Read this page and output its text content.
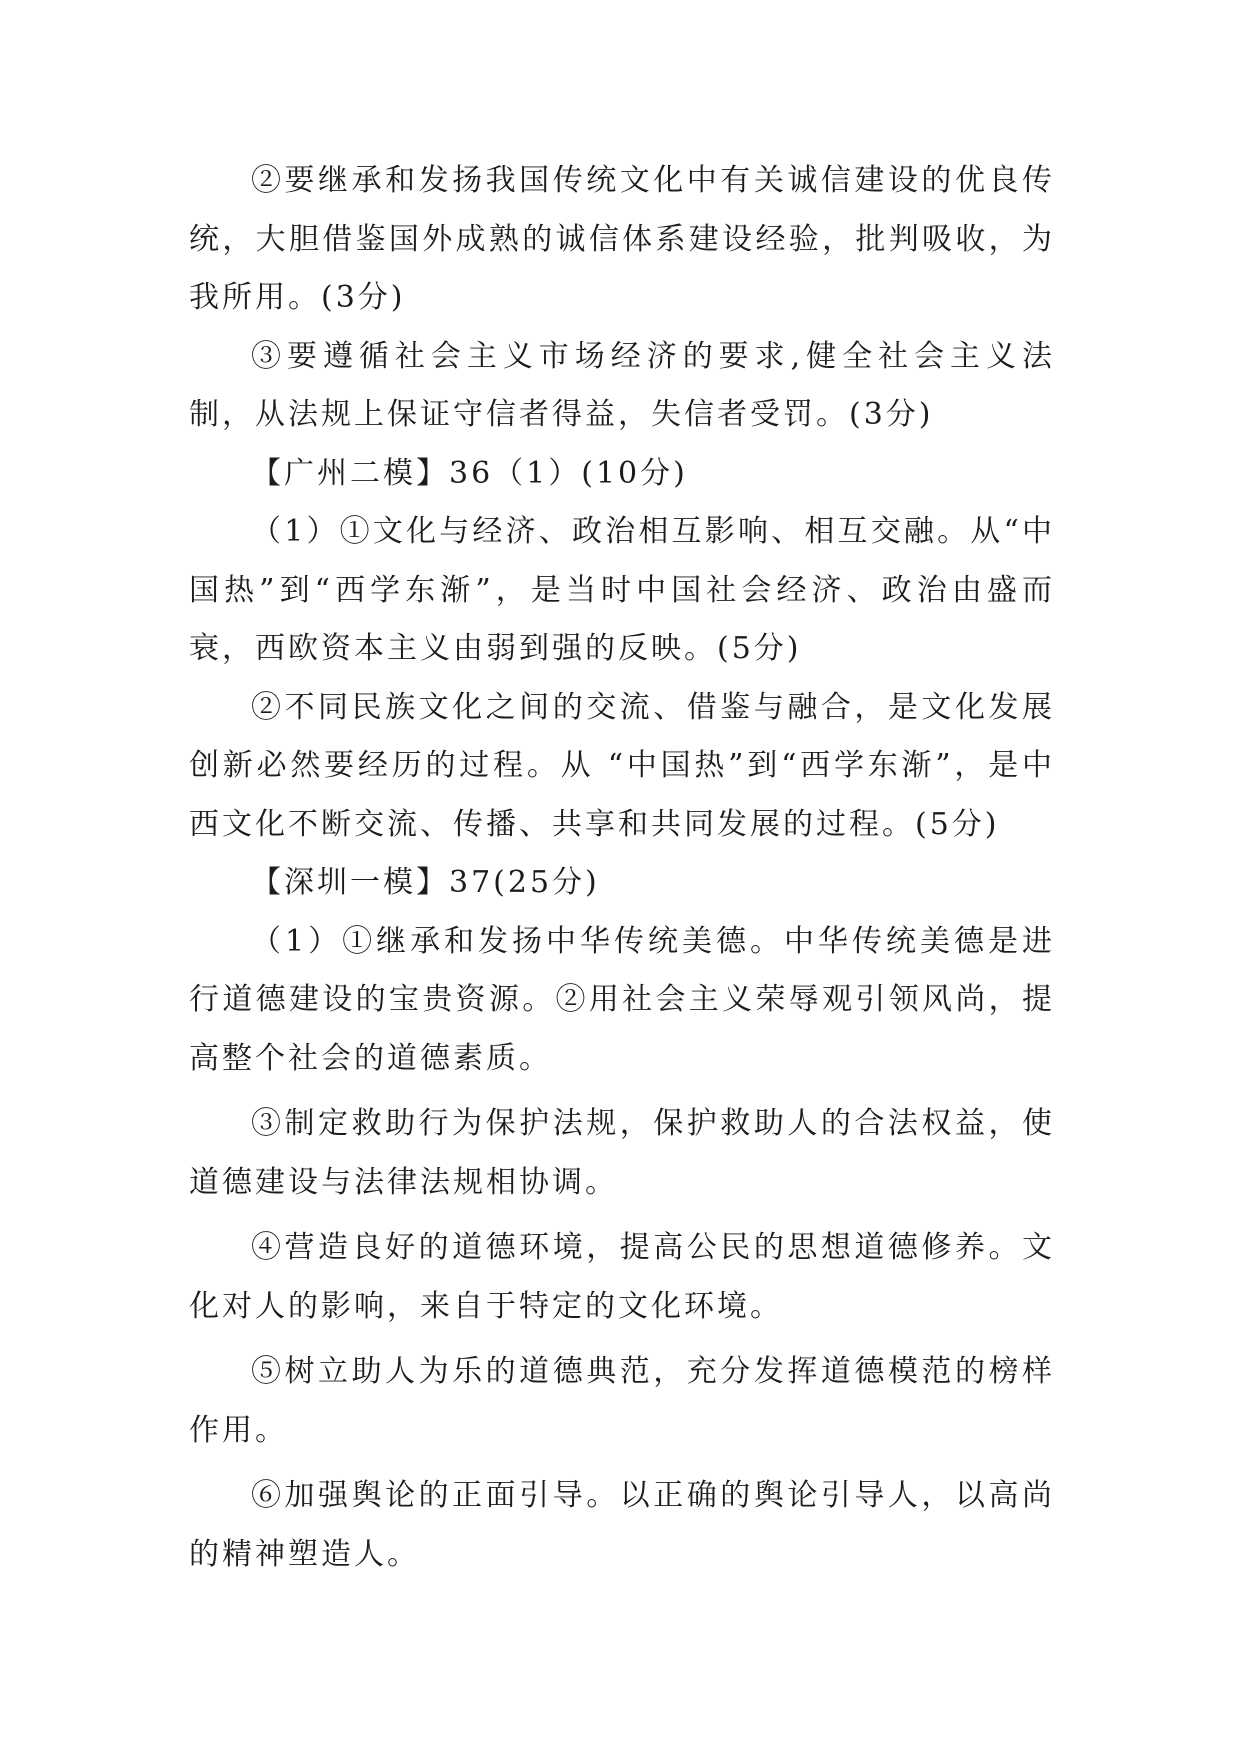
②要继承和发扬我国传统文化中有关诚信建设的优良传统，大胆借鉴国外成熟的诚信体系建设经验，批判吸收，为我所用。(3分)

③要遵循社会主义市场经济的要求,健全社会主义法制，从法规上保证守信者得益，失信者受罚。(3分)

【广州二模】36（1）(10分)

（1）①文化与经济、政治相互影响、相互交融。从“中国热”到“西学东渐”，是当时中国社会经济、政治由盛而衰，西欧资本主义由弱到强的反映。(5分)

②不同民族文化之间的交流、借鉴与融合，是文化发展创新必然要经历的过程。从 “中国热”到“西学东渐”，是中西文化不断交流、传播、共享和共同发展的过程。(5分)

【深圳一模】37(25分)

（1）①继承和发扬中华传统美德。中华传统美德是进行道德建设的宝贵资源。②用社会主义荣辱观引领风尚，提高整个社会的道德素质。

③制定救助行为保护法规，保护救助人的合法权益，使道德建设与法律法规相协调。

④营造良好的道德环境，提高公民的思想道德修养。文化对人的影响，来自于特定的文化环境。

⑤树立助人为乐的道德典范，充分发挥道德模范的榜样作用。

⑥加强舆论的正面引导。以正确的舆论引导人，以高尚的精神塑造人。
